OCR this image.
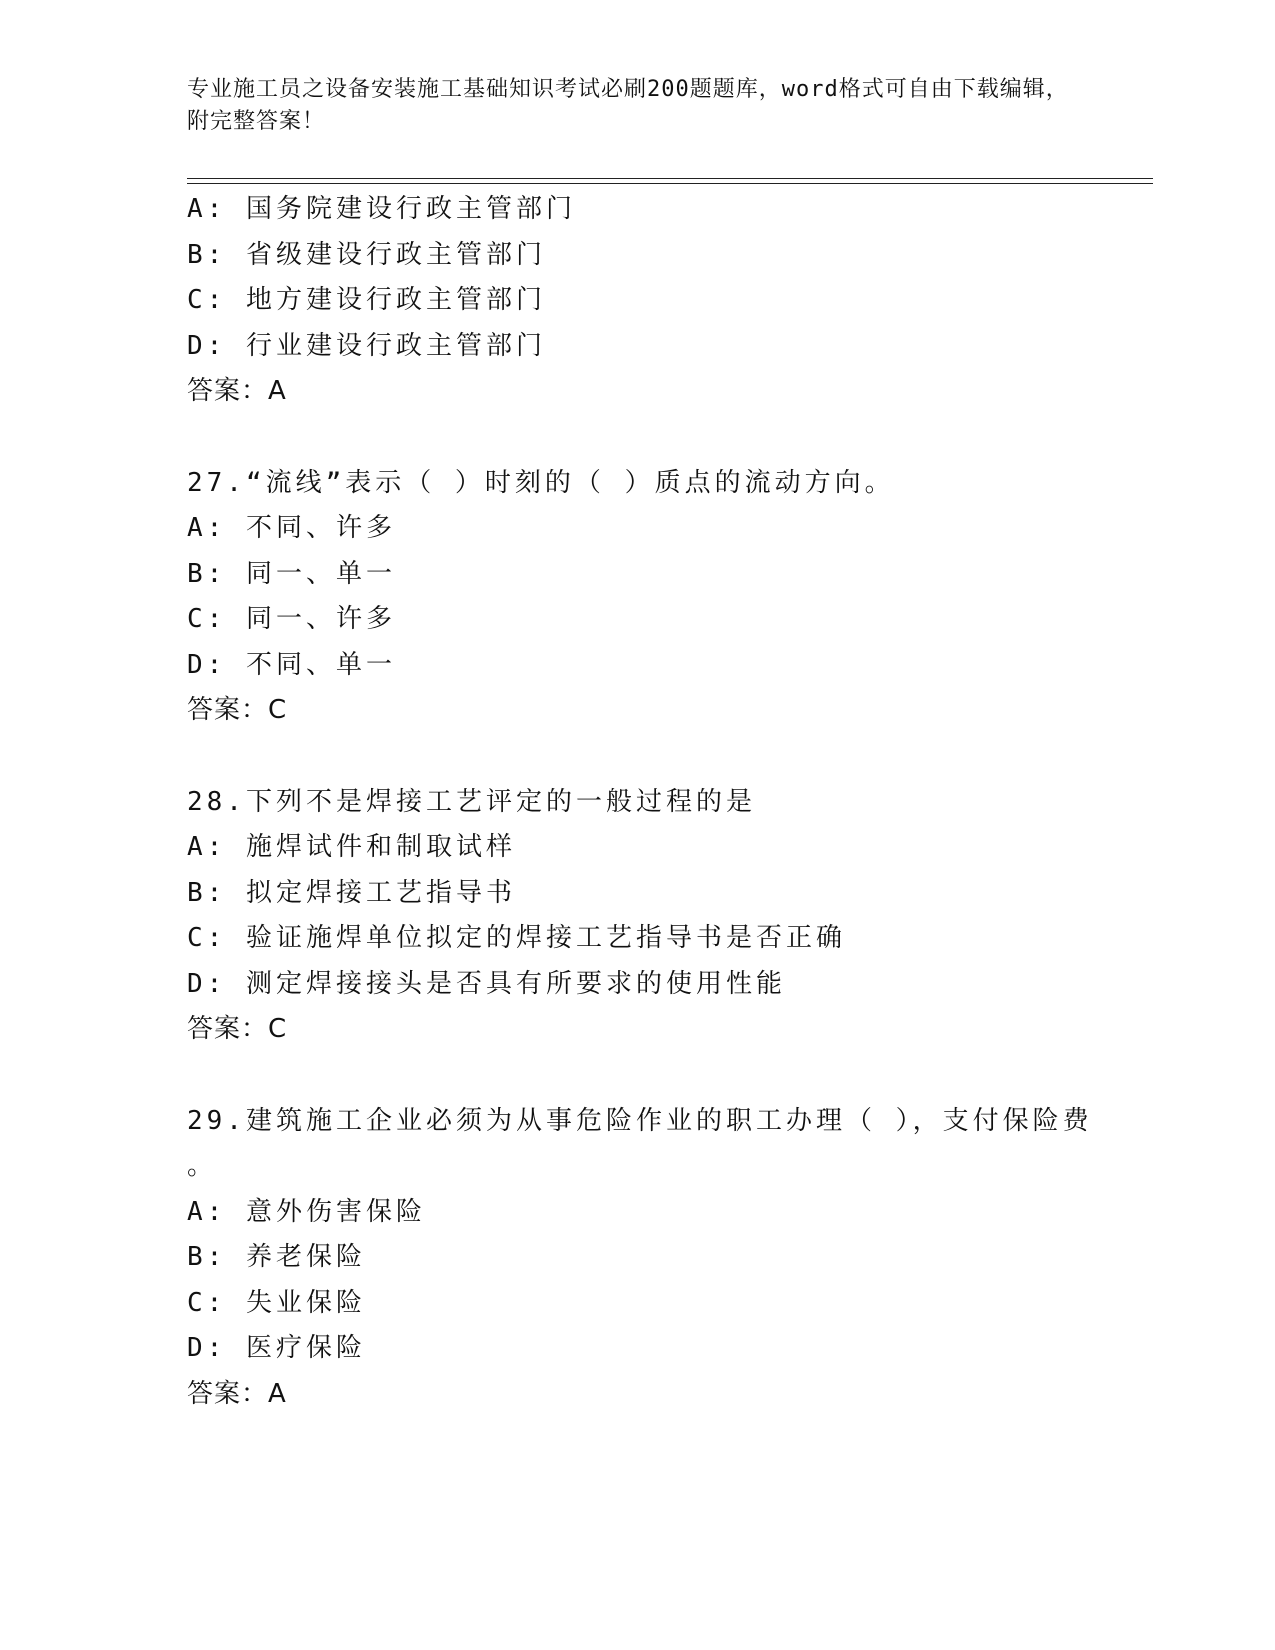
专业施工员之设备安装施工基础知识考试必刷200题题库，word格式可自由下载编辑，附完整答案！
A: 国务院建设行政主管部门
B: 省级建设行政主管部门
C: 地方建设行政主管部门
D: 行业建设行政主管部门
答案：A
27.“流线”表示（ ）时刻的（ ）质点的流动方向。
A: 不同、许多
B: 同一、单一
C: 同一、许多
D: 不同、单一
答案：C
28.下列不是焊接工艺评定的一般过程的是
A: 施焊试件和制取试样
B: 拟定焊接工艺指导书
C: 验证施焊单位拟定的焊接工艺指导书是否正确
D: 测定焊接接头是否具有所要求的使用性能
答案：C
29.建筑施工企业必须为从事危险作业的职工办理（ ），支付保险费
。
A: 意外伤害保险
B: 养老保险
C: 失业保险
D: 医疗保险
答案：A
